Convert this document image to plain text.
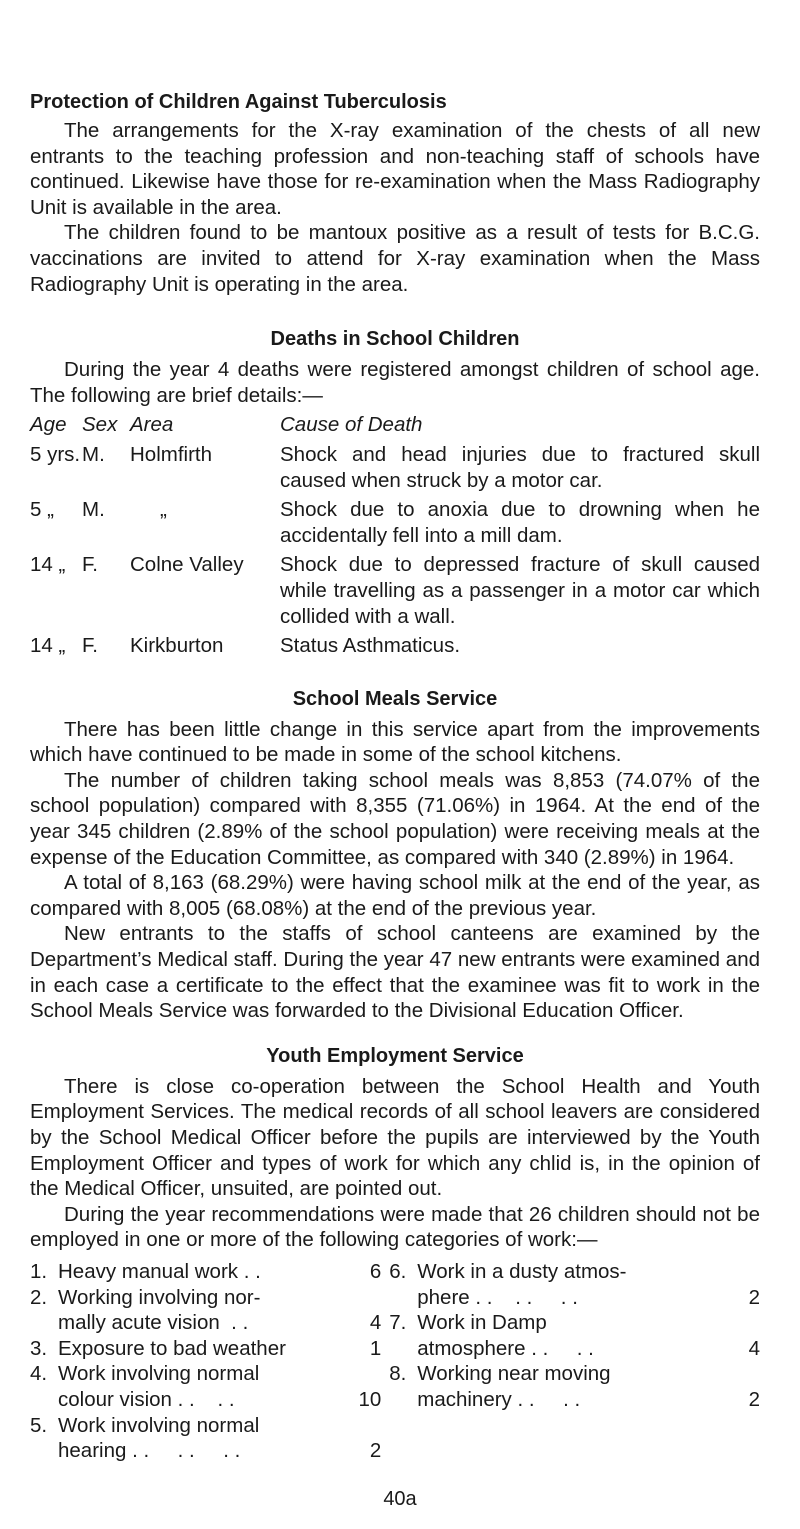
Protection of Children Against Tuberculosis

The arrangements for the X-ray examination of the chests of all new entrants to the teaching profession and non-teaching staff of schools have continued. Likewise have those for re-examination when the Mass Radiography Unit is available in the area.

The children found to be mantoux positive as a result of tests for B.C.G. vaccinations are invited to attend for X-ray examination when the Mass Radiography Unit is operating in the area.

Deaths in School Children

During the year 4 deaths were registered amongst children of school age. The following are brief details:—

Age Sex Area	Cause of Death
5 yrs. M.	Holmfirth	Shock and head injuries due to fractured skull caused when struck by a motor car.
5 „	M.	„	Shock due to anoxia due to drowning when he accidentally fell into a mill dam.
14 „ F.	Colne Valley	Shock due to depressed fracture of skull caused while travelling as a passenger in a motor car which collided with a wall.
14 „ F.	Kirkburton	Status Asthmaticus.
School Meals Service

There has been little change in this service apart from the improvements which have continued to be made in some of the school kitchens.

The number of children taking school meals was 8,853 (74.07% of the school population) compared with 8,355 (71.06%) in 1964. At the end of the year 345 children (2.89% of the school population) were receiving meals at the expense of the Education Committee, as compared with 340 (2.89%) in 1964.

A total of 8,163 (68.29%) were having school milk at the end of the year, as compared with 8,005 (68.08%) at the end of the previous year.

New entrants to the staffs of school canteens are examined by the Department’s Medical staff. During the year 47 new entrants were examined and in each case a certificate to the effect that the examinee was fit to work in the School Meals Service was forwarded to the Divisional Education Officer.

Youth Employment Service

There is close co-operation between the School Health and Youth Employment Services. The medical records of all school leavers are considered by the School Medical Officer before the pupils are interviewed by the Youth Employment Officer and types of work for which any chlid is, in the opinion of the Medical Officer, unsuited, are pointed out.

During the year recommendations were made that 26 children should not be employed in one or more of the following categories of work:—

1. Heavy manual work . .	6
2. Working involving nor-
mally acute vision  . .	4
3. Exposure to bad weather	1
4. Work involving normal
colour vision . .    . .	10
5. Work involving normal
hearing . .     . .     . .	2
6. Work in a dusty atmos-
phere . .    . .     . .	2
7. Work in Damp
atmosphere . .     . .	4
8. Working near moving
machinery . .     . .	2
40a
